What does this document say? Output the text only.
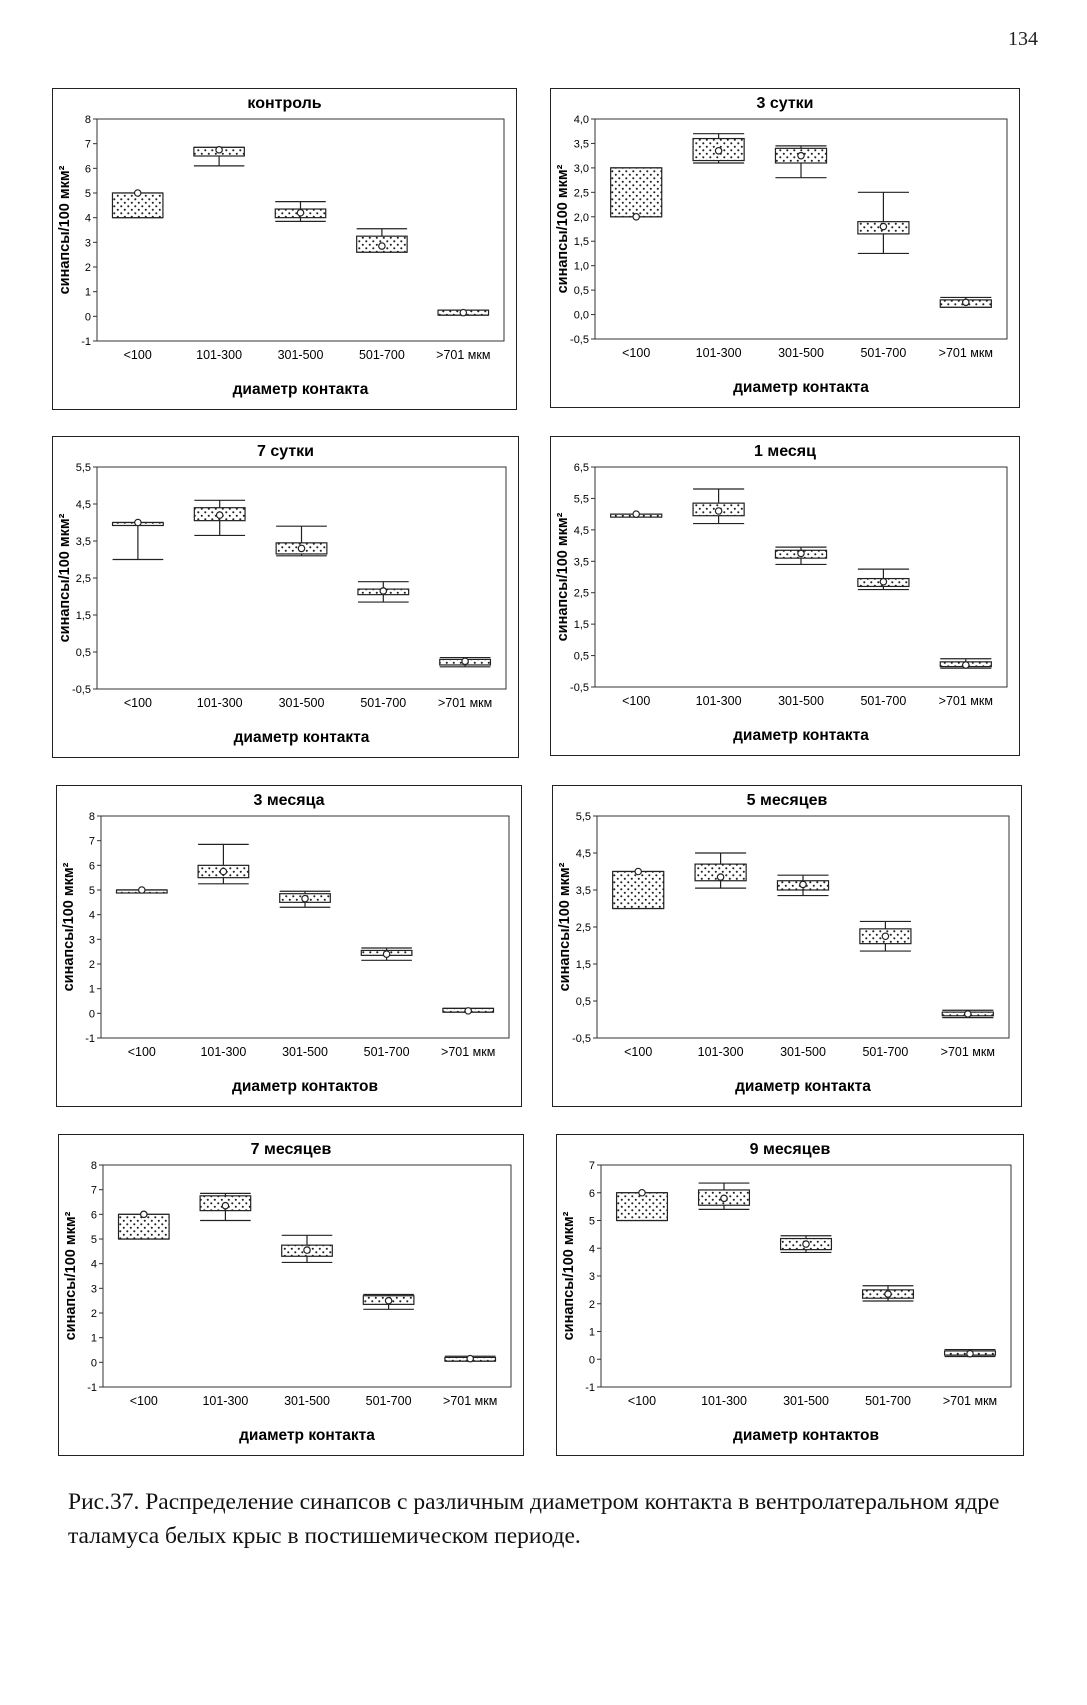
134
контроль
-1
0
1
2
3
4
5
6
7
8
синапсы/100 мкм²
<100	101-300	301-500	501-700	>701 мкм
диаметр контакта
3 сутки
-0,5
0,0
0,5
1,0
1,5
2,0
2,5
3,0
3,5
4,0
синапсы/100 мкм²
<100	101-300	301-500	501-700	>701 мкм
диаметр контакта
7 сутки
-0,5
0,5
1,5
2,5
3,5
4,5
5,5
синапсы/100 мкм²
<100	101-300	301-500	501-700	>701 мкм
диаметр контакта
1 месяц
-0,5
0,5
1,5
2,5
3,5
4,5
5,5
6,5
синапсы/100 мкм²
<100	101-300	301-500	501-700	>701 мкм
диаметр контакта
3 месяца
-1
0
1
2
3
4
5
6
7
8
синапсы/100 мкм²
<100	101-300	301-500	501-700	>701 мкм
диаметр контактов
5 месяцев
-0,5
0,5
1,5
2,5
3,5
4,5
5,5
синапсы/100 мкм²
<100	101-300	301-500	501-700	>701 мкм
диаметр контакта
7 месяцев
-1
0
1
2
3
4
5
6
7
8
синапсы/100 мкм²
<100	101-300	301-500	501-700	>701 мкм
диаметр контакта
9 месяцев
-1
0
1
2
3
4
5
6
7
синапсы/100 мкм²
<100	101-300	301-500	501-700	>701 мкм
диаметр контактов
Рис.37. Распределение синапсов с различным диаметром контакта в вентролатеральном ядре таламуса белых крыс в постишемическом периоде.
